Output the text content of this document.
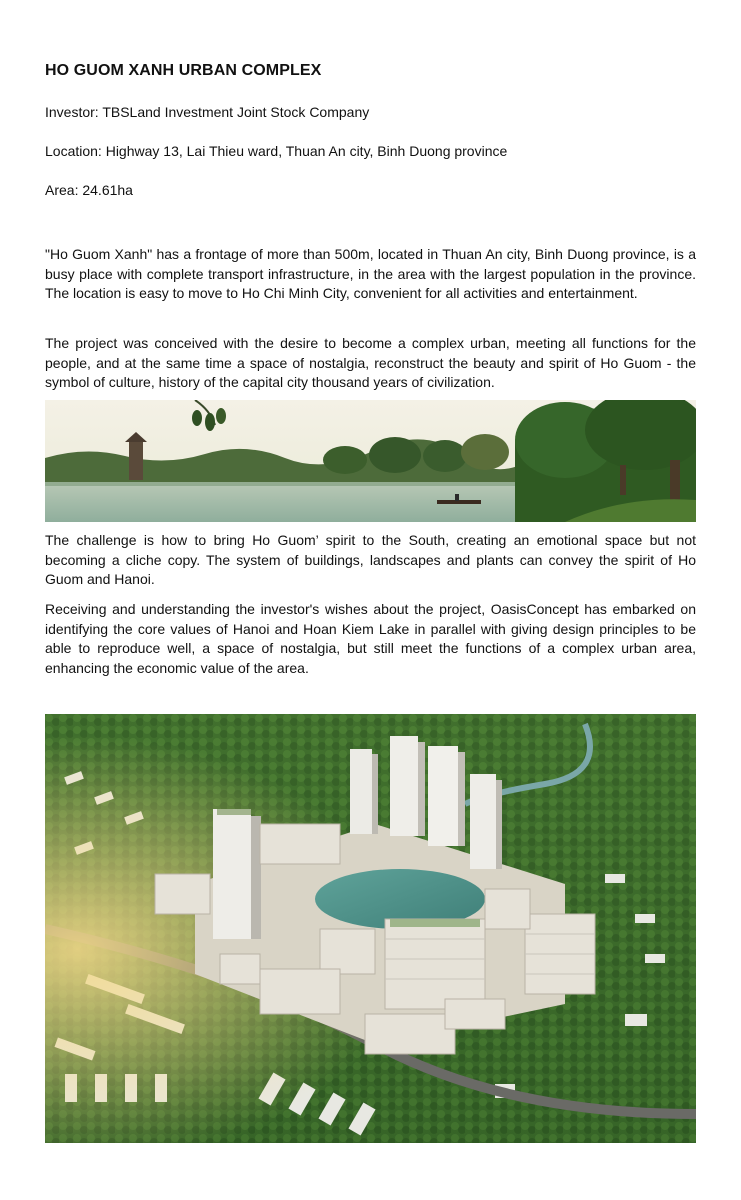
HO GUOM XANH URBAN COMPLEX
Investor: TBSLand Investment Joint Stock Company
Location: Highway 13, Lai Thieu ward, Thuan An city, Binh Duong province
Area: 24.61ha
"Ho Guom Xanh" has a frontage of more than 500m, located in Thuan An city, Binh Duong province, is a busy place with complete transport infrastructure, in the area with the largest population in the province. The location is easy to move to Ho Chi Minh City, convenient for all activities and entertainment.
The project was conceived with the desire to become a complex urban, meeting all functions for the people, and at the same time a space of nostalgia, reconstruct the beauty and spirit of Ho Guom - the symbol of culture, history of the capital city thousand years of civilization.
The challenge is how to bring Ho Guom’ spirit to the South, creating an emotional space but not becoming a cliche copy. The system of buildings, landscapes and plants can convey the spirit of Ho Guom and Hanoi.
Receiving and understanding the investor's wishes about the project, OasisConcept has embarked on identifying the core values of Hanoi and Hoan Kiem Lake in parallel with giving design principles to be able to reproduce well, a space of nostalgia, but still meet the functions of a complex urban area, enhancing the economic value of the area.
